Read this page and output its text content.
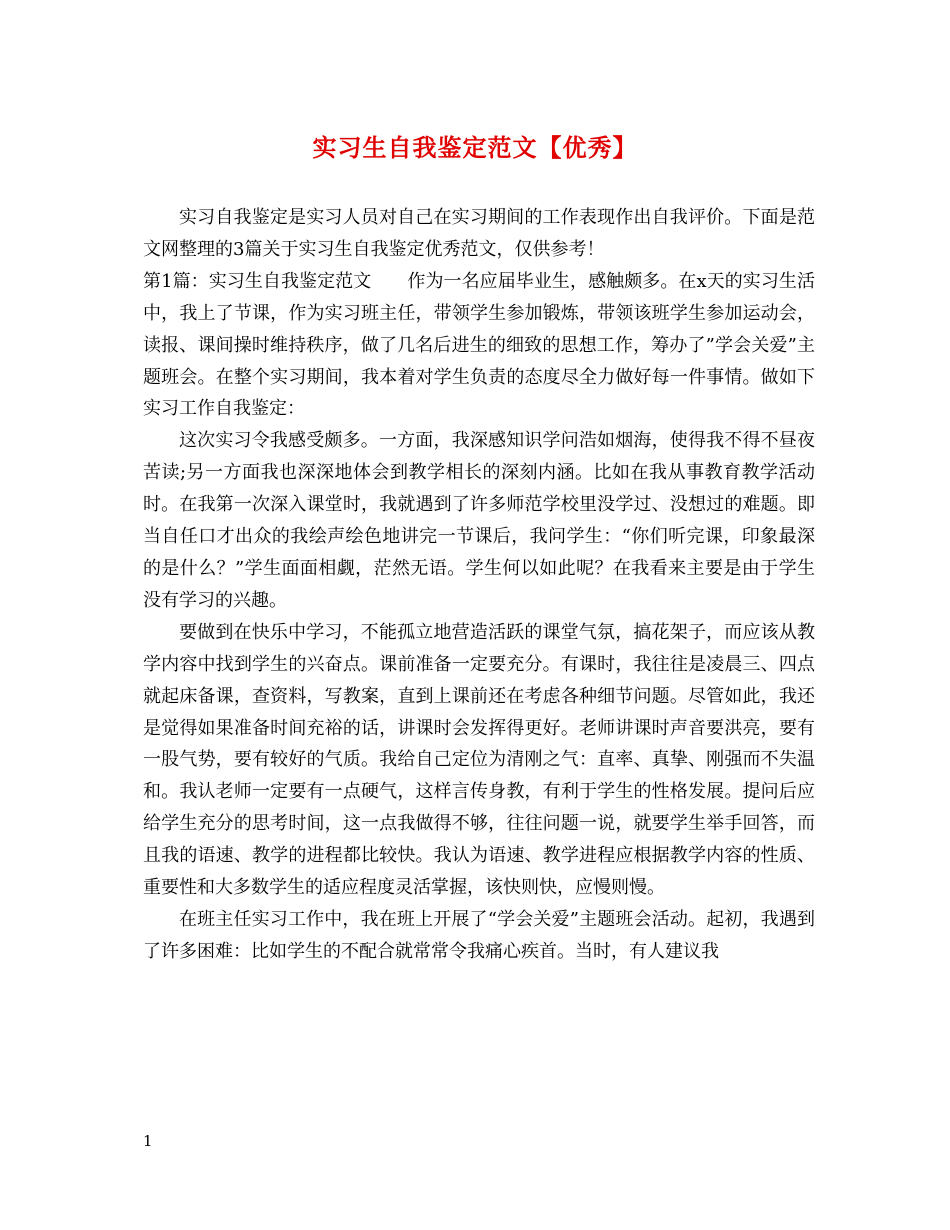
实习生自我鉴定范文【优秀】

实习自我鉴定是实习人员对自己在实习期间的工作表现作出自我评价。下面是范文网整理的3篇关于实习生自我鉴定优秀范文，仅供参考！

第1篇：实习生自我鉴定范文　　作为一名应届毕业生，感触颇多。在x天的实习生活中，我上了节课，作为实习班主任，带领学生参加锻炼，带领该班学生参加运动会，读报、课间操时维持秩序，做了几名后进生的细致的思想工作，筹办了”学会关爱”主题班会。在整个实习期间，我本着对学生负责的态度尽全力做好每一件事情。做如下实习工作自我鉴定：

这次实习令我感受颇多。一方面，我深感知识学问浩如烟海，使得我不得不昼夜苦读;另一方面我也深深地体会到教学相长的深刻内涵。比如在我从事教育教学活动时。在我第一次深入课堂时，我就遇到了许多师范学校里没学过、没想过的难题。即当自任口才出众的我绘声绘色地讲完一节课后，我问学生：“你们听完课，印象最深的是什么？”学生面面相觑，茫然无语。学生何以如此呢？在我看来主要是由于学生没有学习的兴趣。

要做到在快乐中学习，不能孤立地营造活跃的课堂气氛，搞花架子，而应该从教学内容中找到学生的兴奋点。课前准备一定要充分。有课时，我往往是凌晨三、四点就起床备课，查资料，写教案，直到上课前还在考虑各种细节问题。尽管如此，我还是觉得如果准备时间充裕的话，讲课时会发挥得更好。老师讲课时声音要洪亮，要有一股气势，要有较好的气质。我给自己定位为清刚之气：直率、真挚、刚强而不失温和。我认老师一定要有一点硬气，这样言传身教，有利于学生的性格发展。提问后应给学生充分的思考时间，这一点我做得不够，往往问题一说，就要学生举手回答，而且我的语速、教学的进程都比较快。我认为语速、教学进程应根据教学内容的性质、重要性和大多数学生的适应程度灵活掌握，该快则快，应慢则慢。

在班主任实习工作中，我在班上开展了“学会关爱”主题班会活动。起初，我遇到了许多困难：比如学生的不配合就常常令我痛心疾首。当时，有人建议我

1
